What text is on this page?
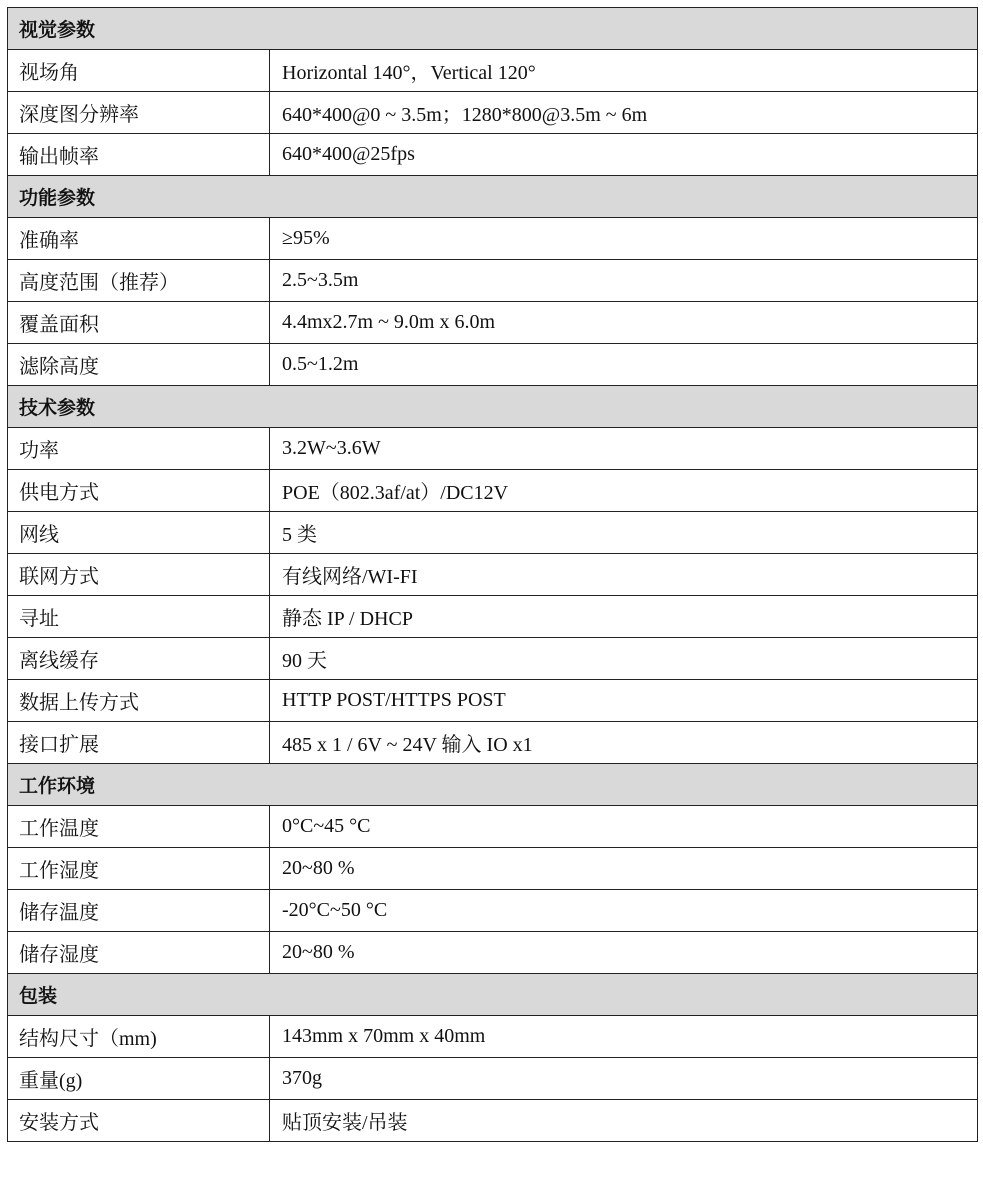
视觉参数	
视场角	Horizontal 140°，Vertical 120°
深度图分辨率	640*400@0 ~ 3.5m；1280*800@3.5m ~ 6m
输出帧率	640*400@25fps
功能参数	
准确率	≥95%
高度范围（推荐）	2.5~3.5m
覆盖面积	4.4mx2.7m ~ 9.0m x 6.0m
滤除高度	0.5~1.2m
技术参数	
功率	3.2W~3.6W
供电方式	POE（802.3af/at）/DC12V
网线	5 类
联网方式	有线网络/WI-FI
寻址	静态 IP / DHCP
离线缓存	90 天
数据上传方式	HTTP POST/HTTPS POST
接口扩展	485 x 1 / 6V ~ 24V 输入 IO x1
工作环境	
工作温度	0°C~45 °C
工作湿度	20~80 %
储存温度	-20°C~50 °C
储存湿度	20~80 %
包装	
结构尺寸（mm)	143mm x 70mm x 40mm
重量(g)	370g
安装方式	贴顶安装/吊装
